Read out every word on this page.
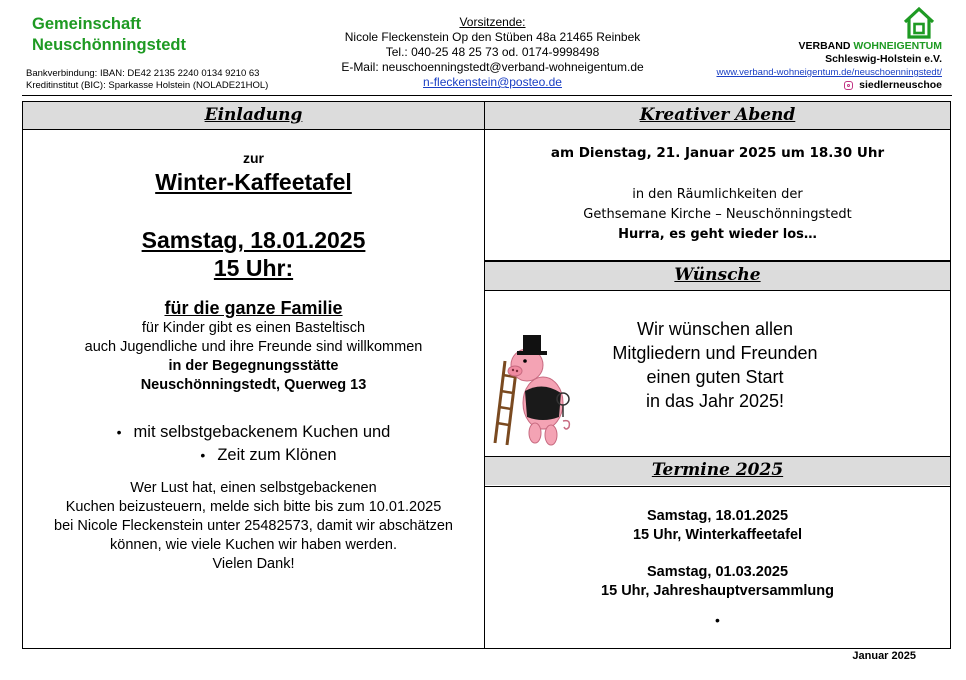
Gemeinschaft
Neuschönningstedt
Bankverbindung: IBAN: DE42 2135 2240 0134 9210 63
Kreditinstitut (BIC): Sparkasse Holstein (NOLADE21HOL)
Vorsitzende:
Nicole Fleckenstein Op den Stüben 48a 21465 Reinbek
Tel.: 040-25 48 25 73 od. 0174-9998498
E-Mail: neuschoenningstedt@verband-wohneigentum.de
n-fleckenstein@posteo.de
VERBAND WOHNEIGENTUM
Schleswig-Holstein e.V.
www.verband-wohneigentum.de/neuschoenningstedt/
siedlerneuschoe
Einladung
zur
Winter-Kaffeetafel
Samstag, 18.01.2025
15 Uhr:
für die ganze Familie
für Kinder gibt es einen Basteltisch
auch Jugendliche und ihre Freunde sind willkommen
in der Begegnungsstätte
Neuschönningstedt, Querweg 13
• mit selbstgebackenem Kuchen und
• Zeit zum Klönen
Wer Lust hat, einen selbstgebackenen
Kuchen beizusteuern, melde sich bitte bis zum 10.01.2025
bei Nicole Fleckenstein unter 25482573, damit wir abschätzen
können, wie viele Kuchen wir haben werden.
Vielen Dank!
Kreativer Abend
am Dienstag, 21. Januar 2025 um 18.30 Uhr
in den Räumlichkeiten der
Gethsemane Kirche – Neuschönningstedt
Hurra, es geht wieder los…
Wünsche
Wir wünschen allen
Mitgliedern und Freunden
einen guten Start
in das Jahr 2025!
Termine 2025
Samstag, 18.01.2025
15 Uhr, Winterkaffeetafel
Samstag, 01.03.2025
15 Uhr, Jahreshauptversammlung
•
Januar 2025
